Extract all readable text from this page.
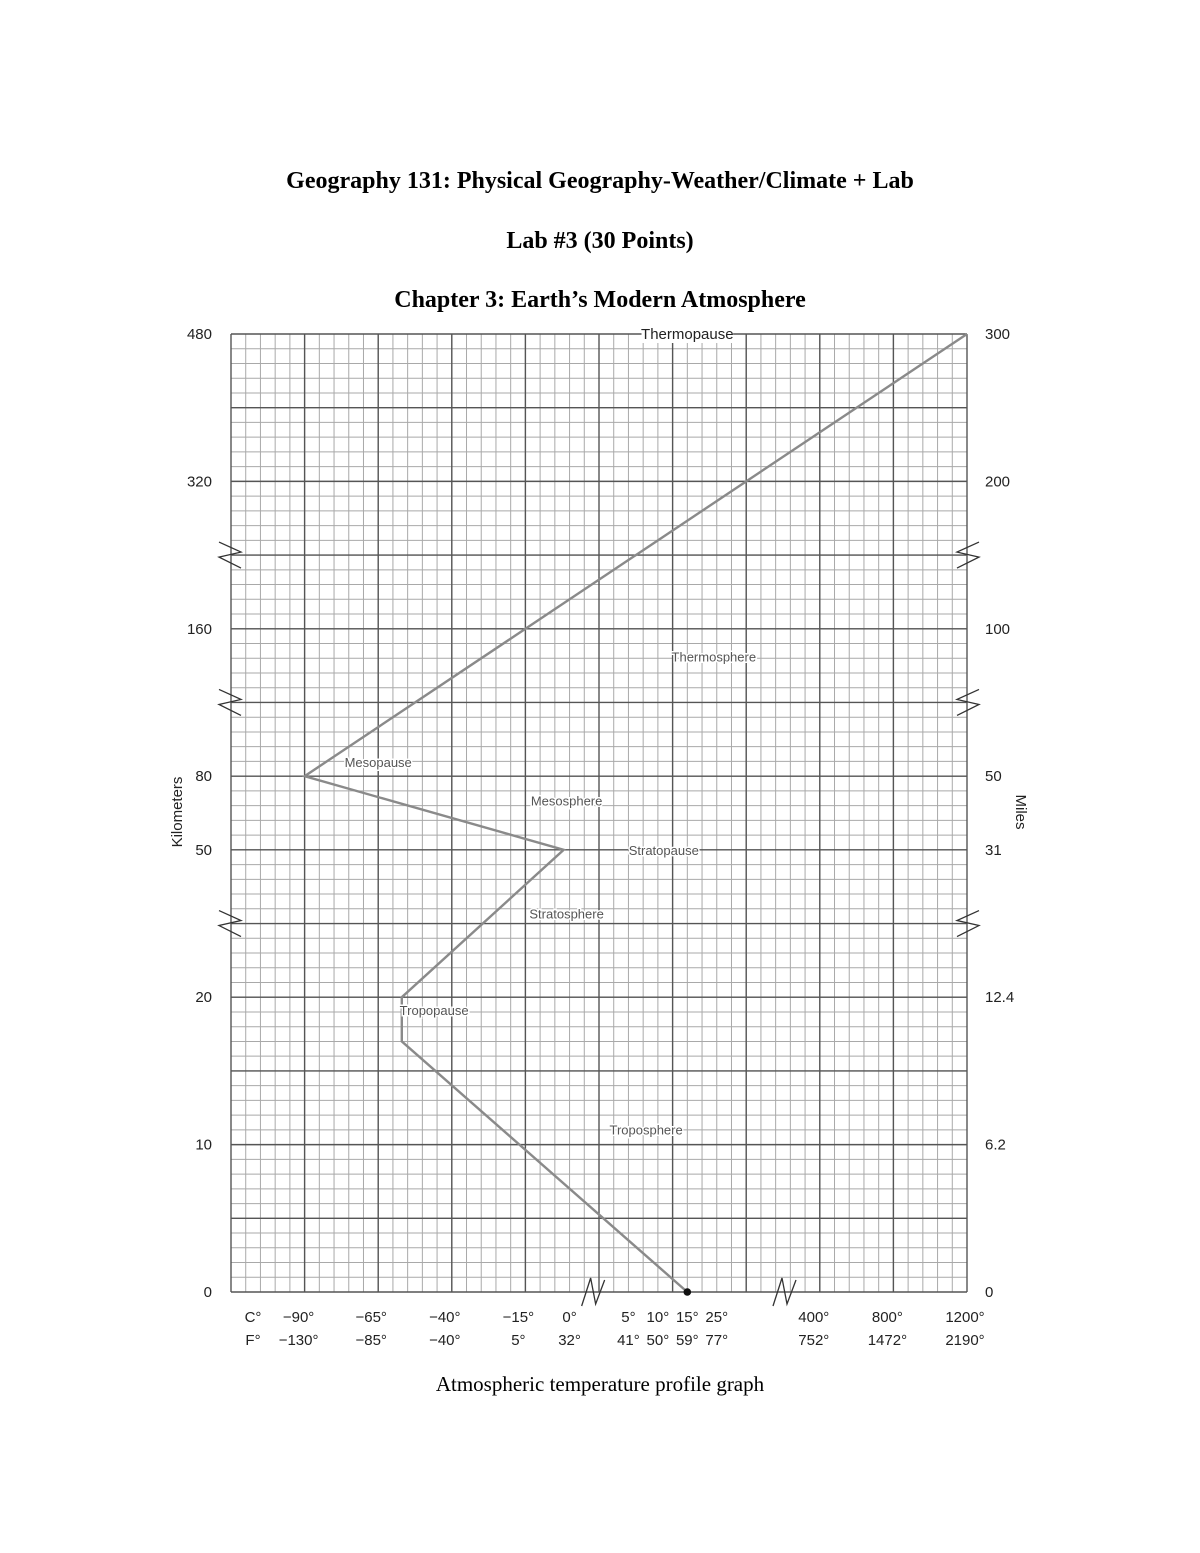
Geography 131: Physical Geography-Weather/Climate + Lab
Lab #3 (30 Points)
Chapter 3: Earth’s Modern Atmosphere
480	300
320	200
160	100
80	50
50	31
20	12.4
10	6.2
0	0
−90°
−130°
−65°
−85°
−40°
−40°
−15°
5°
0°
32°
5°
41°
10°
50°
15°
59°
25°
77°
400°
752°
800°
1472°
1200°
2190°
C°
F°
Thermopause
Thermosphere
Mesopause
Mesosphere
Stratopause
Stratosphere
Tropopause
Troposphere
Kilometers	Miles
Atmospheric temperature profile graph
